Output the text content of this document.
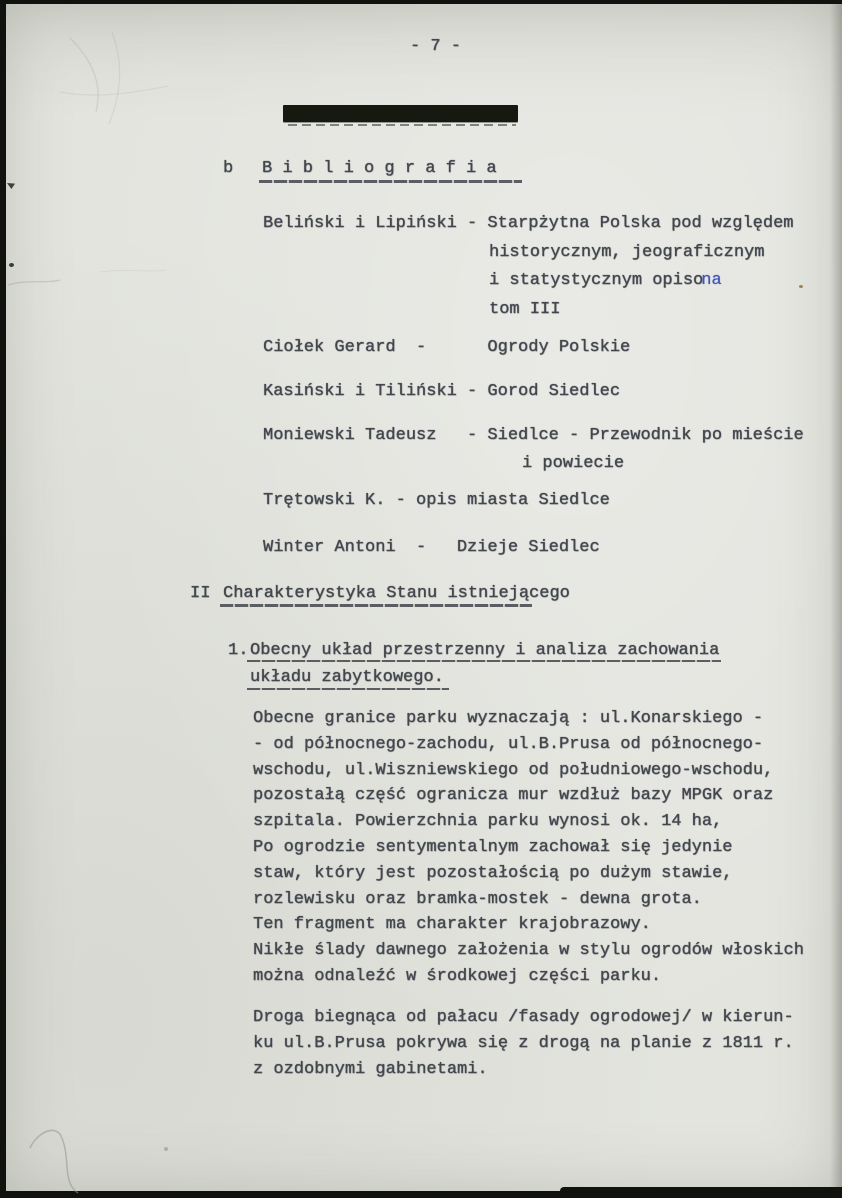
- 7 -
b B i b l i o g r a f i a
Beliński i Lipiński - Starpżytna Polska pod względem
historycznym, jeograficznym
i statystycznym opisona
tom III
Ciołek Gerard  -      Ogrody Polskie
Kasiński i Tiliński - Gorod Siedlec
Moniewski Tadeusz   - Siedlce - Przewodnik po mieście
i powiecie
Trętowski K. - opis miasta Siedlce
Winter Antoni  -   Dzieje Siedlec
II Charakterystyka Stanu istniejącego
1. Obecny układ przestrzenny i analiza zachowania
układu zabytkowego.
Obecne granice parku wyznaczają : ul.Konarskiego -
- od północnego-zachodu, ul.B.Prusa od północnego-
wschodu, ul.Wiszniewskiego od południowego-wschodu,
pozostałą część ogranicza mur wzdłuż bazy MPGK oraz
szpitala. Powierzchnia parku wynosi ok. 14 ha,
Po ogrodzie sentymentalnym zachował się jedynie
staw, który jest pozostałością po dużym stawie,
rozlewisku oraz bramka-mostek - dewna grota.
Ten fragment ma charakter krajobrazowy.
Nikłe ślady dawnego założenia w stylu ogrodów włoskich
można odnaleźć w środkowej części parku.
Droga biegnąca od pałacu /fasady ogrodowej/ w kierun-
ku ul.B.Prusa pokrywa się z drogą na planie z 1811 r.
z ozdobnymi gabinetami.
